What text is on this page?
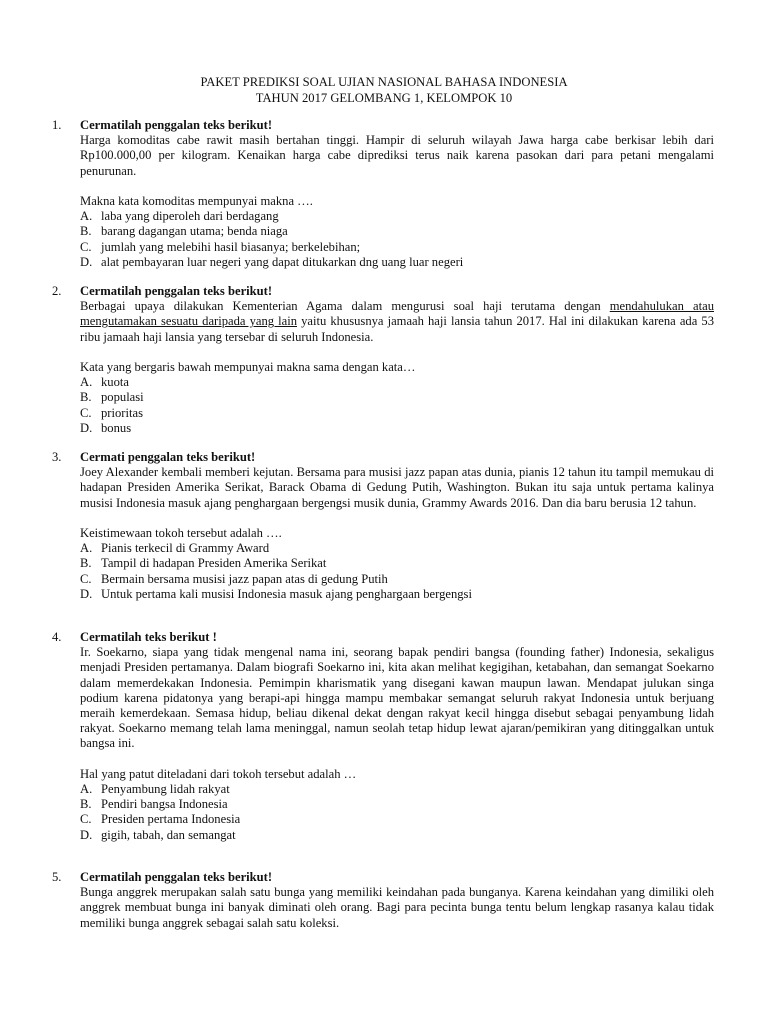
PAKET PREDIKSI SOAL UJIAN NASIONAL BAHASA INDONESIA
TAHUN 2017 GELOMBANG 1, KELOMPOK 10
1.	Cermatilah penggalan teks berikut!
Harga komoditas cabe rawit masih bertahan tinggi. Hampir di seluruh wilayah Jawa harga cabe berkisar lebih dari Rp100.000,00 per kilogram. Kenaikan harga cabe diprediksi terus naik karena pasokan dari para petani mengalami penurunan.
Makna kata komoditas mempunyai makna ….
A. laba yang diperoleh dari berdagang
B. barang dagangan utama; benda niaga
C. jumlah yang melebihi hasil biasanya; berkelebihan;
D. alat pembayaran luar negeri yang dapat ditukarkan dng uang luar negeri
2.	Cermatilah penggalan teks berikut!
Berbagai upaya dilakukan Kementerian Agama dalam mengurusi soal haji terutama dengan mendahulukan atau mengutamakan sesuatu daripada yang lain yaitu khususnya jamaah haji lansia tahun 2017. Hal ini dilakukan karena ada 53 ribu jamaah haji lansia yang tersebar di seluruh Indonesia.
Kata yang bergaris bawah mempunyai makna sama dengan kata…
A. kuota
B. populasi
C. prioritas
D. bonus
3.	Cermati penggalan teks berikut!
Joey Alexander kembali memberi kejutan. Bersama para musisi jazz papan atas dunia, pianis 12 tahun itu tampil memukau di hadapan Presiden Amerika Serikat, Barack Obama di Gedung Putih, Washington. Bukan itu saja untuk pertama kalinya musisi Indonesia masuk ajang penghargaan bergengsi musik dunia, Grammy Awards 2016. Dan dia baru berusia 12 tahun.
Keistimewaan tokoh tersebut adalah ….
A. Pianis terkecil di Grammy Award
B. Tampil di hadapan Presiden Amerika Serikat
C. Bermain bersama musisi jazz papan atas di gedung Putih
D. Untuk pertama kali musisi Indonesia masuk ajang penghargaan bergengsi
4.	Cermatilah teks berikut !
Ir. Soekarno, siapa yang tidak mengenal nama ini, seorang bapak pendiri bangsa (founding father) Indonesia, sekaligus menjadi Presiden pertamanya. Dalam biografi Soekarno ini, kita akan melihat kegigihan, ketabahan, dan semangat Soekarno dalam memerdekakan Indonesia. Pemimpin kharismatik yang disegani kawan maupun lawan. Mendapat julukan singa podium karena pidatonya yang berapi-api hingga mampu membakar semangat seluruh rakyat Indonesia untuk berjuang meraih kemerdekaan. Semasa hidup, beliau dikenal dekat dengan rakyat kecil hingga disebut sebagai penyambung lidah rakyat. Soekarno memang telah lama meninggal, namun seolah tetap hidup lewat ajaran/pemikiran yang ditinggalkan untuk bangsa ini.
Hal yang patut diteladani dari tokoh tersebut adalah …
A. Penyambung lidah rakyat
B. Pendiri bangsa Indonesia
C. Presiden pertama Indonesia
D. gigih, tabah, dan semangat
5.	Cermatilah penggalan teks berikut!
Bunga anggrek merupakan salah satu bunga yang memiliki keindahan pada bunganya. Karena keindahan yang dimiliki oleh anggrek membuat bunga ini banyak diminati oleh orang. Bagi para pecinta bunga tentu belum lengkap rasanya kalau tidak memiliki bunga anggrek sebagai salah satu koleksi.
